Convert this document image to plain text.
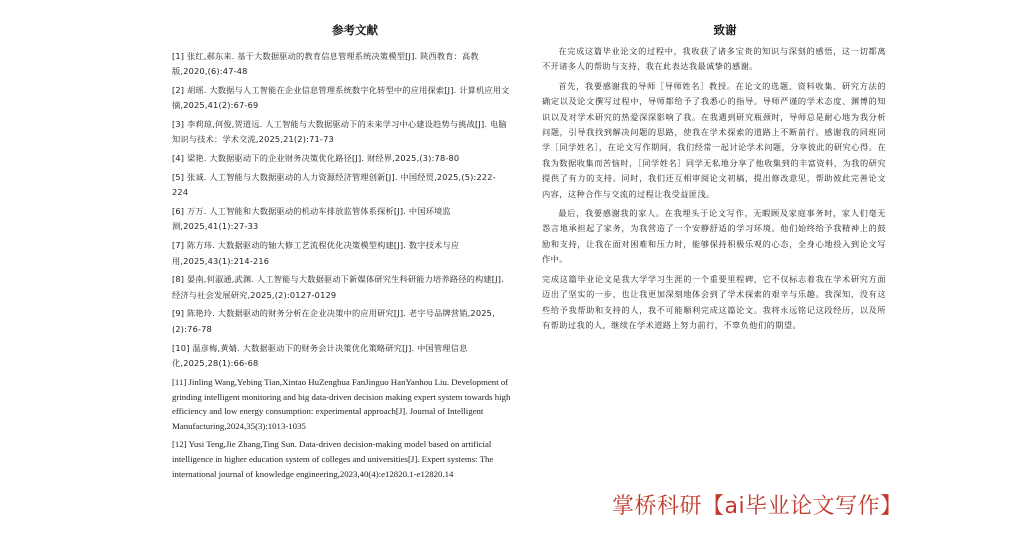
参考文献
[1] 张红,郝东来. 基于大数据驱动的教育信息管理系统决策模型[J]. 陕西教育：高教版,2020,(6):47-48
[2] 胡瑶. 大数据与人工智能在企业信息管理系统数字化转型中的应用探索[J]. 计算机应用文摘,2025,41(2):67-69
[3] 李莉琼,何俊,贺道远. 人工智能与大数据驱动下的未来学习中心建设趋势与挑战[J]. 电脑知识与技术：学术交流,2025,21(2):71-73
[4] 梁艳. 大数据驱动下的企业财务决策优化路径[J]. 财经界,2025,(3):78-80
[5] 张诚. 人工智能与大数据驱动的人力资源经济管理创新[J]. 中国经贸,2025,(5):222-224
[6] 万万. 人工智能和大数据驱动的机动车排放监管体系探析[J]. 中国环境监测,2025,41(1):27-33
[7] 陈方玮. 大数据驱动的轴大修工艺流程优化决策模型构建[J]. 数字技术与应用,2025,43(1):214-216
[8] 晏南,何淑通,武渊. 人工智能与大数据驱动下新媒体研究生科研能力培养路径的构建[J]. 经济与社会发展研究,2025,(2):0127-0129
[9] 陈艳玲. 大数据驱动的财务分析在企业决策中的应用研究[J]. 老字号品牌营销,2025,(2):76-78
[10] 温彦梅,黄婧. 大数据驱动下的财务会计决策优化策略研究[J]. 中国管理信息化,2025,28(1):66-68
[11] Jinling Wang,Yebing Tian,Xintao HuZenghua FanJinguo HanYanhou Liu. Development of grinding intelligent monitoring and big data-driven decision making expert system towards high efficiency and low energy consumption: experimental approach[J]. Journal of Intelligent Manufacturing,2024,35(3):1013-1035
[12] Yusi Teng,Jie Zhang,Ting Sun. Data-driven decision-making model based on artificial intelligence in higher education system of colleges and universities[J]. Expert systems: The international journal of knowledge engineering,2023,40(4):e12820.1-e12820.14
致谢

在完成这篇毕业论文的过程中，我收获了诸多宝贵的知识与深刻的感悟，这一切都离不开诸多人的帮助与支持，我在此表达我最诚挚的感谢。

首先，我要感谢我的导师［导师姓名］教授。在论文的选题、资料收集、研究方法的确定以及论文撰写过程中，导师都给予了我悉心的指导。导师严谨的学术态度、渊博的知识以及对学术研究的热爱深深影响了我。在我遇到研究瓶颈时，导师总是耐心地为我分析问题，引导我找到解决问题的思路，使我在学术探索的道路上不断前行。感谢我的同班同学［同学姓名］，在论文写作期间，我们经常一起讨论学术问题，分享彼此的研究心得。在我为数据收集而苦恼时，［同学姓名］同学无私地分享了他收集到的丰富资料，为我的研究提供了有力的支持。同时，我们还互相审阅论文初稿，提出修改意见，帮助彼此完善论文内容，这种合作与交流的过程让我受益匪浅。

最后，我要感谢我的家人。在我埋头于论文写作，无暇顾及家庭事务时，家人们毫无怨言地承担起了家务，为我营造了一个安静舒适的学习环境。他们始终给予我精神上的鼓励和支持，让我在面对困难和压力时，能够保持积极乐观的心态，全身心地投入到论文写作中。

完成这篇毕业论文是我大学学习生涯的一个重要里程碑，它不仅标志着我在学术研究方面迈出了坚实的一步，也让我更加深刻地体会到了学术探索的艰辛与乐趣。我深知，没有这些给予我帮助和支持的人，我不可能顺利完成这篇论文。我将永远铭记这段经历，以及所有帮助过我的人，继续在学术道路上努力前行，不辜负他们的期望。

掌桥科研【ai毕业论文写作】
